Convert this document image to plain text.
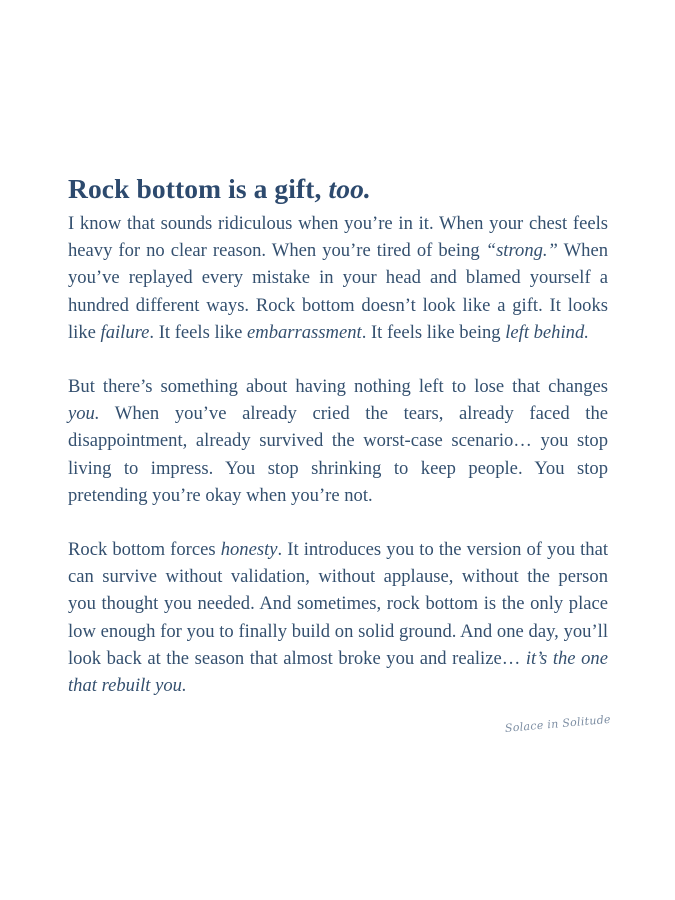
Rock bottom is a gift, too.

I know that sounds ridiculous when you’re in it. When your chest feels heavy for no clear reason. When you’re tired of being “strong.” When you’ve replayed every mistake in your head and blamed yourself a hundred different ways. Rock bottom doesn’t look like a gift. It looks like failure. It feels like embarrassment. It feels like being left behind.

But there’s something about having nothing left to lose that changes you. When you’ve already cried the tears, already faced the disappointment, already survived the worst-case scenario… you stop living to impress. You stop shrinking to keep people. You stop pretending you’re okay when you’re not.

Rock bottom forces honesty. It introduces you to the version of you that can survive without validation, without applause, without the person you thought you needed. And sometimes, rock bottom is the only place low enough for you to finally build on solid ground. And one day, you’ll look back at the season that almost broke you and realize… it’s the one that rebuilt you.

Solace in Solitude
